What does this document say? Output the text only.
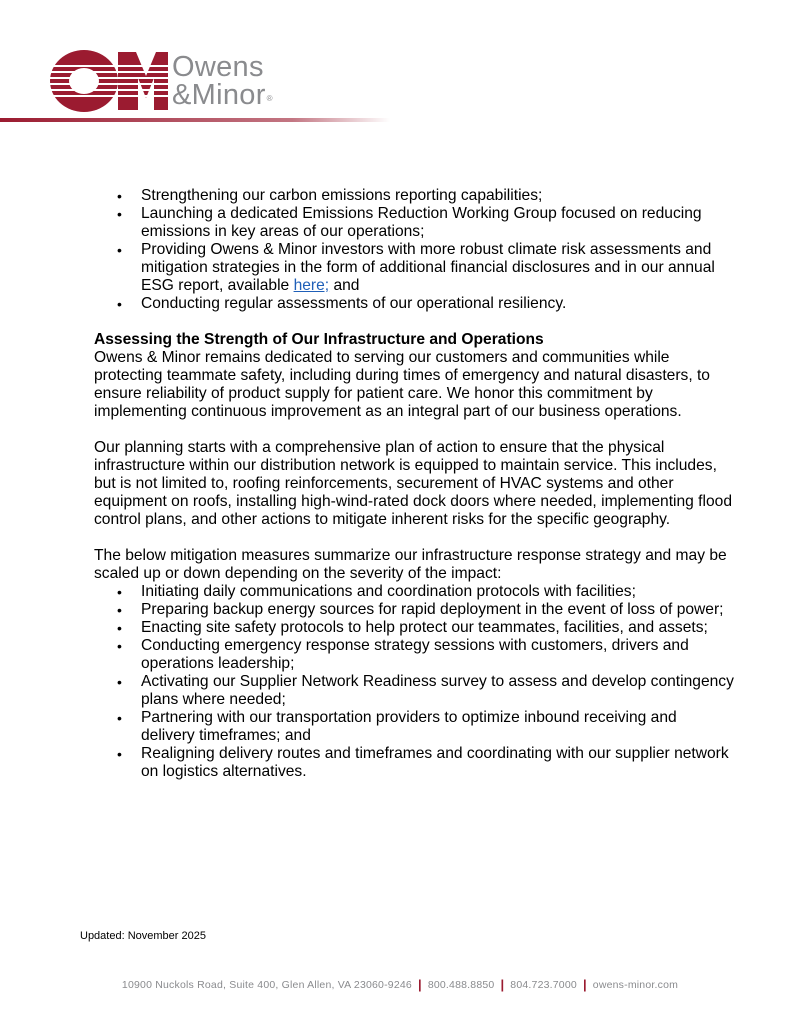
Owens
&Minor®
• Strengthening our carbon emissions reporting capabilities;
• Launching a dedicated Emissions Reduction Working Group focused on reducing emissions in key areas of our operations;
• Providing Owens & Minor investors with more robust climate risk assessments and mitigation strategies in the form of additional financial disclosures and in our annual ESG report, available here; and
• Conducting regular assessments of our operational resiliency.
Assessing the Strength of Our Infrastructure and Operations

Owens & Minor remains dedicated to serving our customers and communities while protecting teammate safety, including during times of emergency and natural disasters, to ensure reliability of product supply for patient care. We honor this commitment by implementing continuous improvement as an integral part of our business operations.

Our planning starts with a comprehensive plan of action to ensure that the physical infrastructure within our distribution network is equipped to maintain service. This includes, but is not limited to, roofing reinforcements, securement of HVAC systems and other equipment on roofs, installing high-wind-rated dock doors where needed, implementing flood control plans, and other actions to mitigate inherent risks for the specific geography.

The below mitigation measures summarize our infrastructure response strategy and may be scaled up or down depending on the severity of the impact:

• Initiating daily communications and coordination protocols with facilities;
• Preparing backup energy sources for rapid deployment in the event of loss of power;
• Enacting site safety protocols to help protect our teammates, facilities, and assets;
• Conducting emergency response strategy sessions with customers, drivers and operations leadership;
• Activating our Supplier Network Readiness survey to assess and develop contingency plans where needed;
• Partnering with our transportation providers to optimize inbound receiving and delivery timeframes; and
• Realigning delivery routes and timeframes and coordinating with our supplier network on logistics alternatives.
Updated: November 2025
10900 Nuckols Road, Suite 400, Glen Allen, VA 23060-9246 | 800.488.8850 | 804.723.7000 | owens-minor.com
